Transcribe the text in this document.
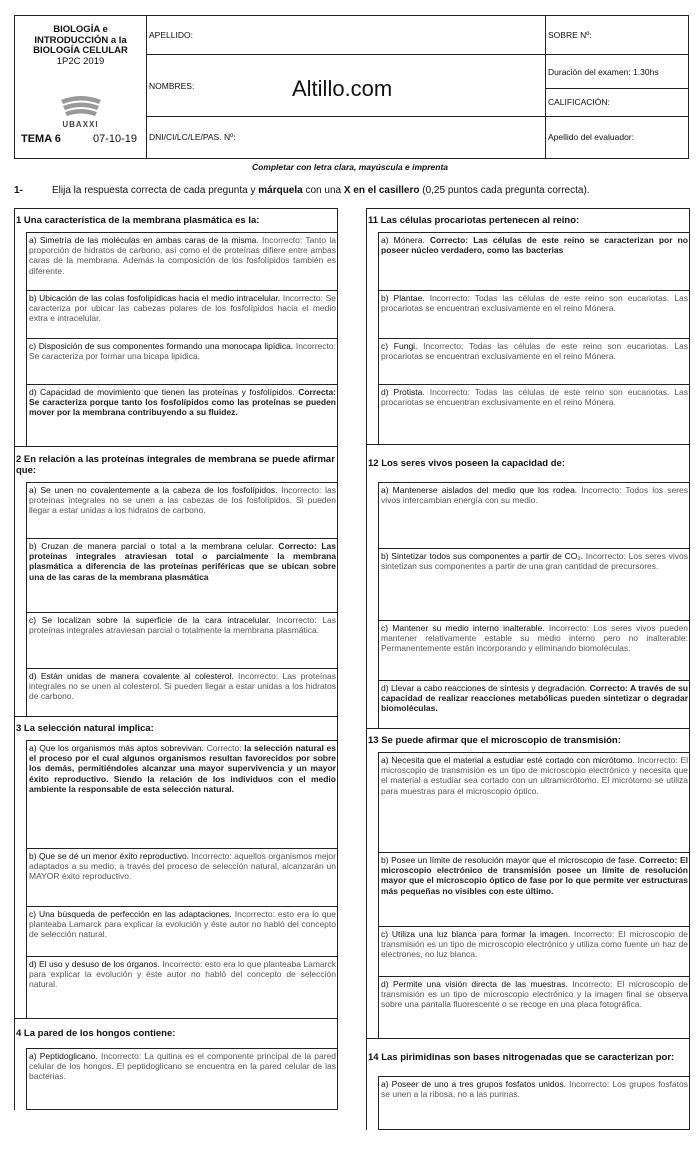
BIOLOGÍA e
INTRODUCCIÓN a la
BIOLOGÍA CELULAR
1P2C 2019
UBAXXI
TEMA 6	07-10-19
APELLIDO:
NOMBRES:	Altillo.com
DNI/CI/LC/LE/PAS. Nº:
SOBRE Nº:
Duración del examen: 1.30hs
CALIFICACIÓN:
Apellido del evaluador:
Completar con letra clara, mayúscula e imprenta
1-	Elija la respuesta correcta de cada pregunta y márquela con una X en el casillero (0,25 puntos cada pregunta correcta).
1 Una característica de la membrana plasmática es la:
a) Simetría de las moléculas en ambas caras de la misma. Incorrecto: Tanto la proporción de hidratos de carbono, así como el de proteínas difiere entre ambas caras de la membrana. Además la composición de los fosfolípidos también es diferente.
b) Ubicación de las colas fosfolipídicas hacia el medio intracelular. Incorrecto: Se caracteriza por ubicar las cabezas polares de los fosfolípidos hacia el medio extra e intracelular.
c) Disposición de sus componentes formando una monocapa lipídica. Incorrecto: Se caracteriza por formar una bicapa lipídica.
d) Capacidad de movimiento que tienen las proteínas y fosfolípidos. Correcta: Se caracteriza porque tanto los fosfolípidos como las proteínas se pueden mover por la membrana contribuyendo a su fluidez.
2 En relación a las proteínas integrales de membrana se puede afirmar que:
a) Se unen no covalentemente a la cabeza de los fosfolípidos. Incorrecto: las proteínas integrales no se unen a las cabezas de los fosfolípidos. Si pueden llegar a estar unidas a los hidratos de carbono.
b) Cruzan de manera parcial o total a la membrana celular. Correcto: Las proteínas integrales atraviesan total o parcialmente la membrana plasmática a diferencia de las proteínas periféricas que se ubican sobre una de las caras de la membrana plasmática
c) Se localizan sobre la superficie de la cara intracelular. Incorrecto: Las proteínas integrales atraviesan parcial o totalmente la membrana plasmática.
d) Están unidas de manera covalente al colesterol. Incorrecto: Las proteínas integrales no se unen al colesterol. Si pueden llegar a estar unidas a los hidratos de carbono.
3 La selección natural implica:
a) Que los organismos más aptos sobrevivan. Correcto: la selección natural es el proceso por el cual algunos organismos resultan favorecidos por sobre los demás, permitiéndoles alcanzar una mayor supervivencia y un mayor éxito reproductivo. Siendo la relación de los individuos con el medio ambiente la responsable de esta selección natural.
b) Que se dé un menor éxito reproductivo. Incorrecto: aquellos organismos mejor adaptados a su medio, a través del proceso de selección natural, alcanzarán un MAYOR éxito reproductivo.
c) Una búsqueda de perfección en las adaptaciones. Incorrecto: esto era lo que planteaba Lamarck para explicar la evolución y éste autor no habló del concepto de selección natural.
d) El uso y desuso de los órganos. Incorrecto: esto era lo que planteaba Lamarck para explicar la evolución y éste autor no habló del concepto de selección natural.
4 La pared de los hongos contiene:
a) Peptidoglicano. Incorrecto: La quitina es el componente principal de la pared celular de los hongos. El peptidoglicano se encuentra en la pared celular de las bacterias.
11 Las células procariotas pertenecen al reino:
a) Mónera. Correcto: Las células de este reino se caracterizan por no poseer núcleo verdadero, como las bacterias
b) Plantae. Incorrecto: Todas las células de este reino son eucariotas. Las procariotas se encuentran exclusivamente en el reino Mónera.
c) Fungi. Incorrecto: Todas las células de este reino son eucariotas. Las procariotas se encuentran exclusivamente en el reino Mónera.
d) Protista. Incorrecto: Todas las células de este reino son eucariotas. Las procariotas se encuentran exclusivamente en el reino Mónera.
12 Los seres vivos poseen la capacidad de:
a) Mantenerse aislados del medio que los rodea. Incorrecto: Todos los seres vivos intercambian energía con su medio.
b) Sintetizar todos sus componentes a partir de CO₂. Incorrecto: Los seres vivos sintetizan sus componentes a partir de una gran cantidad de precursores.
c) Mantener su medio interno inalterable. Incorrecto: Los seres vivos pueden mantener relativamente estable su medio interno pero no inalterable: Permanentemente están incorporando y eliminando biomoléculas.
d) Llevar a cabo reacciones de síntesis y degradación. Correcto: A través de su capacidad de realizar reacciones metabólicas pueden sintetizar o degradar biomoléculas.
13 Se puede afirmar que el microscopio de transmisión:
a) Necesita que el material a estudiar esté cortado con micrótomo. Incorrecto: El microscopio de transmisión es un tipo de microscopio electrónico y necesita que el material a estudiar sea cortado con un ultramicrótomo. El micrótomo se utiliza para muestras para el microscopio óptico.
b) Posee un límite de resolución mayor que el microscopio de fase. Correcto: El microscopio electrónico de transmisión posee un límite de resolución mayor que el microscopio óptico de fase por lo que permite ver estructuras más pequeñas no visibles con este último.
c) Utiliza una luz blanca para formar la imagen. Incorrecto: El microscopio de transmisión es un tipo de microscopio electrónico y utiliza como fuente un haz de electrones, no luz blanca.
d) Permite una visión directa de las muestras. Incorrecto: El microscopio de transmisión es un tipo de microscopio electrónico y la imagen final se observa sobre una pantalla fluorescente o se recoge en una placa fotográfica.
14 Las pirimidinas son bases nitrogenadas que se caracterizan por:
a) Poseer de uno a tres grupos fosfatos unidos. Incorrecto: Los grupos fosfatos se unen a la ribosa, no a las purinas.
